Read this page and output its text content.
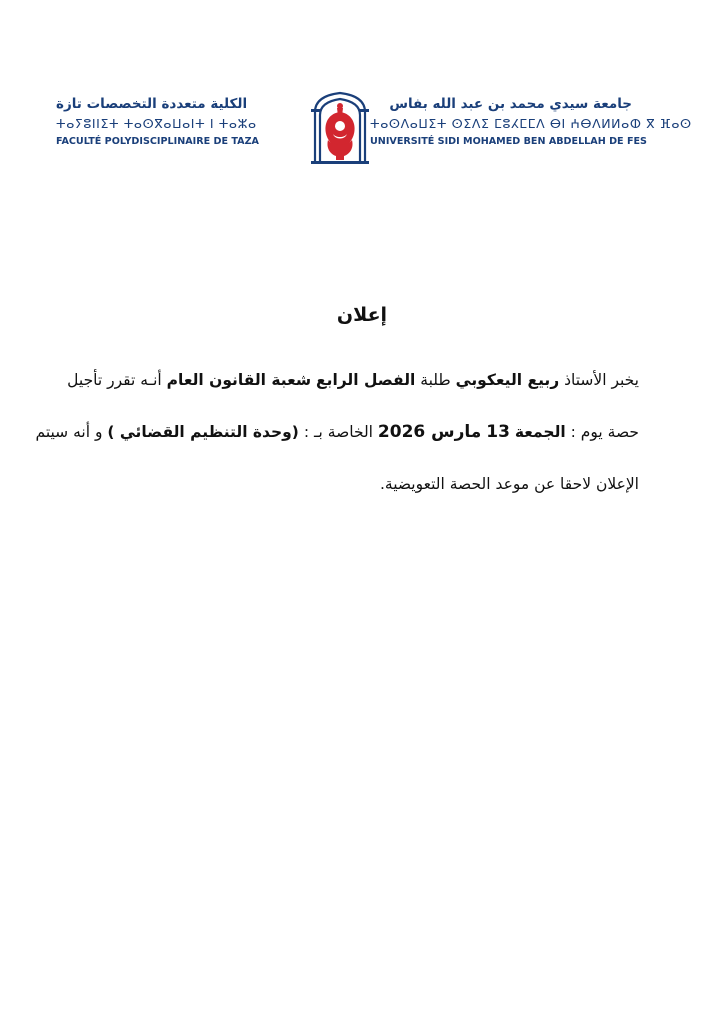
الكلية متعددة التخصصات تازة
ⵜⴰⵢⵓⵏⵏⵉⵜ ⵜⴰⵙⴳⴰⵡⴰⵏⵜ ⵏ ⵜⴰⵣⴰ
FACULTÉ POLYDISCIPLINAIRE DE TAZA
جامعة سيدي محمد بن عبد الله بفاس
ⵜⴰⵙⴷⴰⵡⵉⵜ ⵙⵉⴷⵉ ⵎⵓⵃⵎⵎⴷ ⴱⵏ ⵄⴱⴷⵍⵍⴰⵀ ⴳ ⴼⴰⵙ
UNIVERSITÉ SIDI MOHAMED BEN ABDELLAH DE FES
إعلان
يخبر الأستاذ ربيع اليعكوبي طلبة الفصل الرابع شعبة القانون العام أنـه تقرر تأجيل
حصة يوم : الجمعة 13 مارس 2026 الخاصة بـ : (وحدة التنظيم القضائي ) و أنه سيتم
الإعلان لاحقا عن موعد الحصة التعويضية.
